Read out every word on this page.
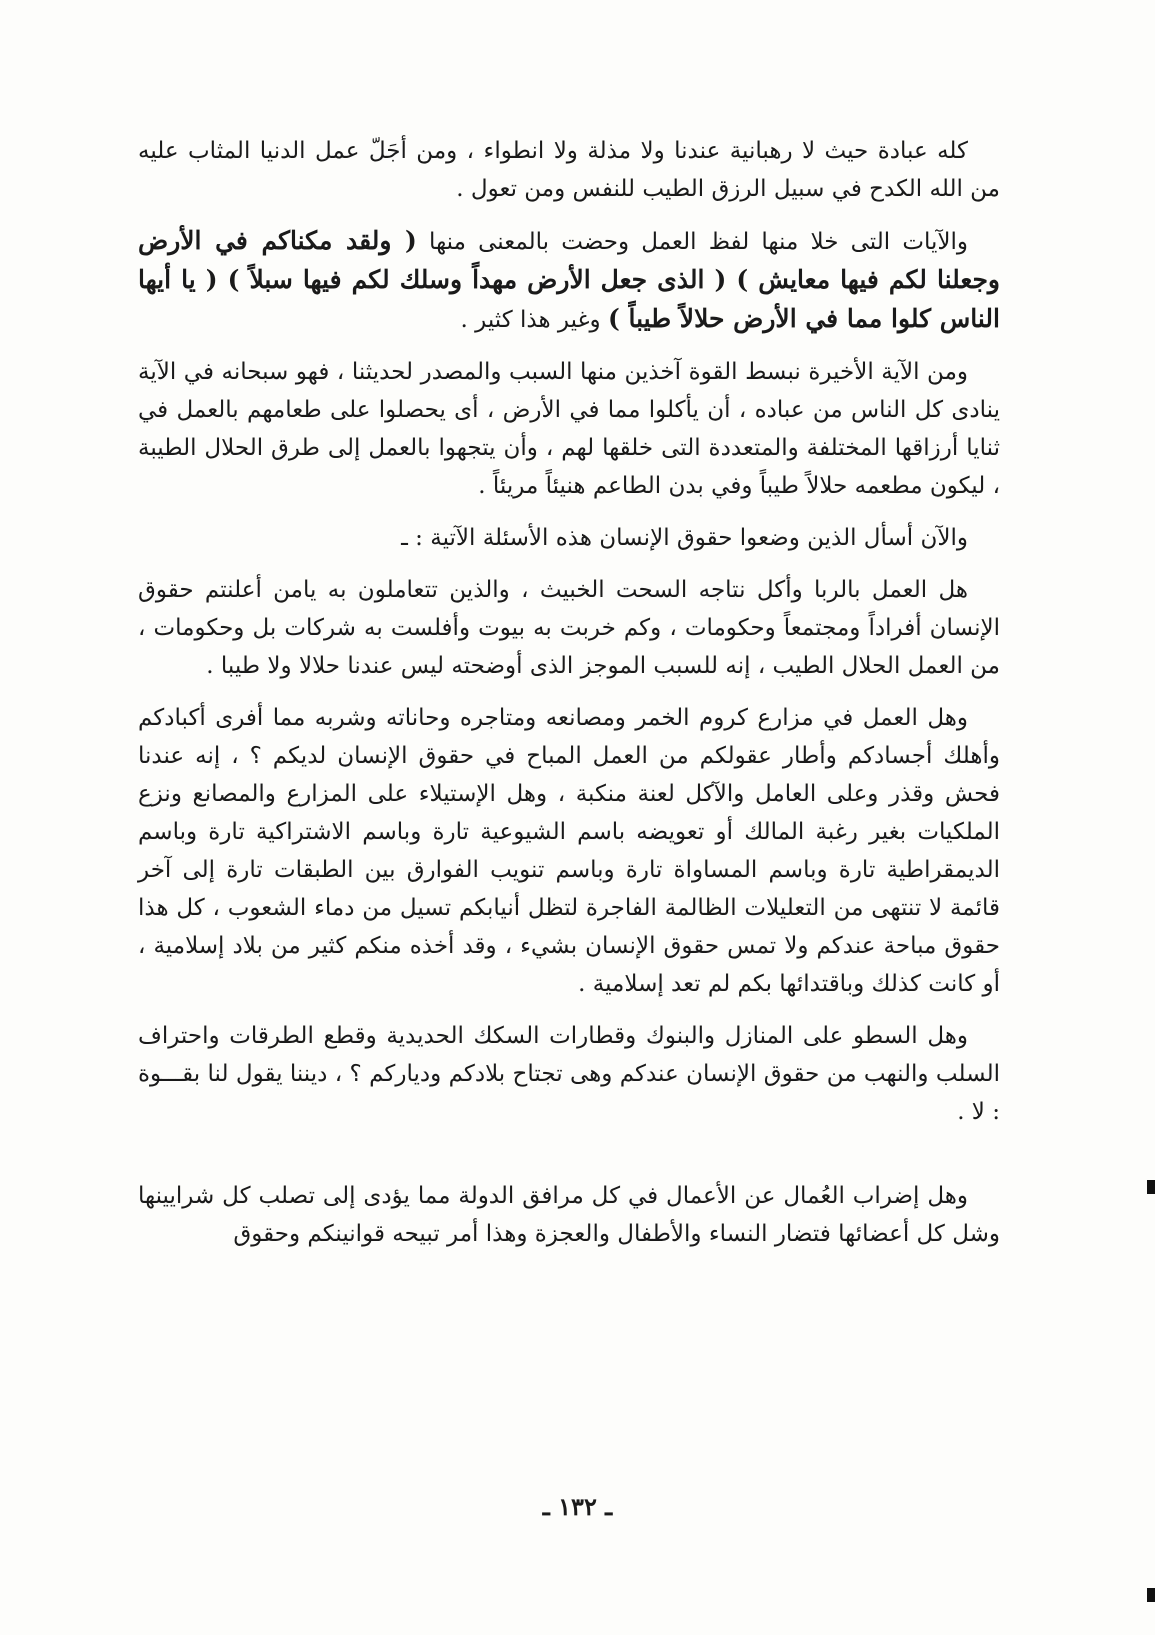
كله عبادة حيث لا رهبانية عندنا ولا مذلة ولا انطواء ، ومن أجَلّ عمل الدنيا المثاب عليه من الله الكدح في سبيل الرزق الطيب للنفس ومن تعول .

والآيات التى خلا منها لفظ العمل وحضت بالمعنى منها ( ولقد مكناكم في الأرض وجعلنا لكم فيها معايش ) ( الذى جعل الأرض مهداً وسلك لكم فيها سبلاً ) ( يا أيها الناس كلوا مما في الأرض حلالاً طيباً ) وغير هذا كثير .

ومن الآية الأخيرة نبسط القوة آخذين منها السبب والمصدر لحديثنا ، فهو سبحانه في الآية ينادى كل الناس من عباده ، أن يأكلوا مما في الأرض ، أى يحصلوا على طعامهم بالعمل في ثنايا أرزاقها المختلفة والمتعددة التى خلقها لهم ، وأن يتجهوا بالعمل إلى طرق الحلال الطيبة ، ليكون مطعمه حلالاً طيباً وفي بدن الطاعم هنيئاً مريئاً .

والآن أسأل الذين وضعوا حقوق الإنسان هذه الأسئلة الآتية : ـ

هل العمل بالربا وأكل نتاجه السحت الخبيث ، والذين تتعاملون به يامن أعلنتم حقوق الإنسان أفراداً ومجتمعاً وحكومات ، وكم خربت به بيوت وأفلست به شركات بل وحكومات ، من العمل الحلال الطيب ، إنه للسبب الموجز الذى أوضحته ليس عندنا حلالا ولا طيبا .

وهل العمل في مزارع كروم الخمر ومصانعه ومتاجره وحاناته وشربه مما أفرى أكبادكم وأهلك أجسادكم وأطار عقولكم من العمل المباح في حقوق الإنسان لديكم ؟ ، إنه عندنا فحش وقذر وعلى العامل والآكل لعنة منكبة ، وهل الإستيلاء على المزارع والمصانع ونزع الملكيات بغير رغبة المالك أو تعويضه باسم الشيوعية تارة وباسم الاشتراكية تارة وباسم الديمقراطية تارة وباسم المساواة تارة وباسم تنويب الفوارق بين الطبقات تارة إلى آخر قائمة لا تنتهى من التعليلات الظالمة الفاجرة لتظل أنيابكم تسيل من دماء الشعوب ، كل هذا حقوق مباحة عندكم ولا تمس حقوق الإنسان بشيء ، وقد أخذه منكم كثير من بلاد إسلامية ، أو كانت كذلك وباقتدائها بكم لم تعد إسلامية .

وهل السطو على المنازل والبنوك وقطارات السكك الحديدية وقطع الطرقات واحتراف السلب والنهب من حقوق الإنسان عندكم وهى تجتاح بلادكم ودياركم ؟ ، ديننا يقول لنا بقـــوة : لا .

وهل إضراب العُمال عن الأعمال في كل مرافق الدولة مما يؤدى إلى تصلب كل شرايينها وشل كل أعضائها فتضار النساء والأطفال والعجزة وهذا أمر تبيحه قوانينكم وحقوق

ـ ١٣٢ ـ
